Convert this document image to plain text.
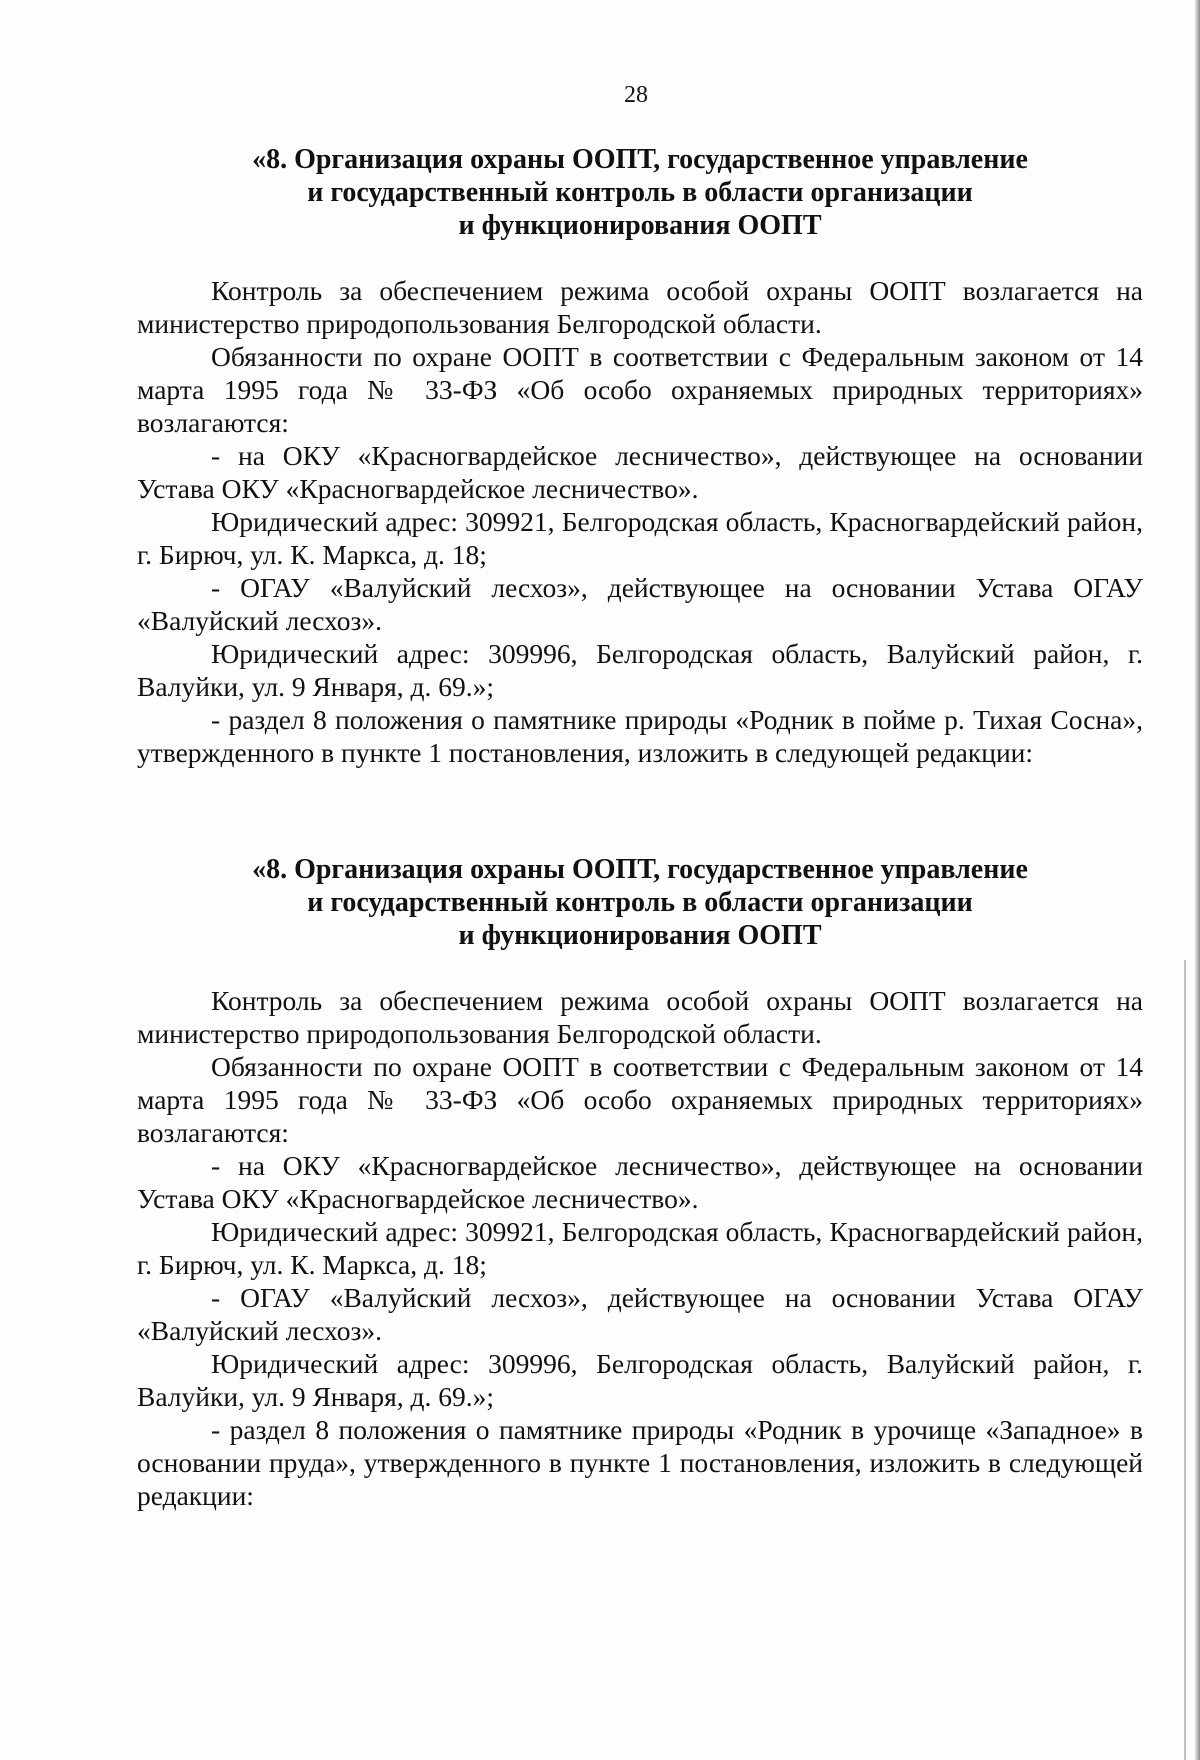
28
«8. Организация охраны ООПТ, государственное управление
и государственный контроль в области организации
и функционирования ООПТ

Контроль за обеспечением режима особой охраны ООПТ возлагается на министерство природопользования Белгородской области.

Обязанности по охране ООПТ в соответствии с Федеральным законом от 14 марта 1995 года № 33-ФЗ «Об особо охраняемых природных территориях» возлагаются:

- на ОКУ «Красногвардейское лесничество», действующее на основании Устава ОКУ «Красногвардейское лесничество».

Юридический адрес: 309921, Белгородская область, Красногвардейский район, г. Бирюч, ул. К. Маркса, д. 18;

- ОГАУ «Валуйский лесхоз», действующее на основании Устава ОГАУ «Валуйский лесхоз».

Юридический адрес: 309996, Белгородская область, Валуйский район, г. Валуйки, ул. 9 Января, д. 69.»;

- раздел 8 положения о памятнике природы «Родник в пойме р. Тихая Сосна», утвержденного в пункте 1 постановления, изложить в следующей редакции:

«8. Организация охраны ООПТ, государственное управление
и государственный контроль в области организации
и функционирования ООПТ

Контроль за обеспечением режима особой охраны ООПТ возлагается на министерство природопользования Белгородской области.

Обязанности по охране ООПТ в соответствии с Федеральным законом от 14 марта 1995 года № 33-ФЗ «Об особо охраняемых природных территориях» возлагаются:

- на ОКУ «Красногвардейское лесничество», действующее на основании Устава ОКУ «Красногвардейское лесничество».

Юридический адрес: 309921, Белгородская область, Красногвардейский район, г. Бирюч, ул. К. Маркса, д. 18;

- ОГАУ «Валуйский лесхоз», действующее на основании Устава ОГАУ «Валуйский лесхоз».

Юридический адрес: 309996, Белгородская область, Валуйский район, г. Валуйки, ул. 9 Января, д. 69.»;

- раздел 8 положения о памятнике природы «Родник в урочище «Западное» в основании пруда», утвержденного в пункте 1 постановления, изложить в следующей редакции:
